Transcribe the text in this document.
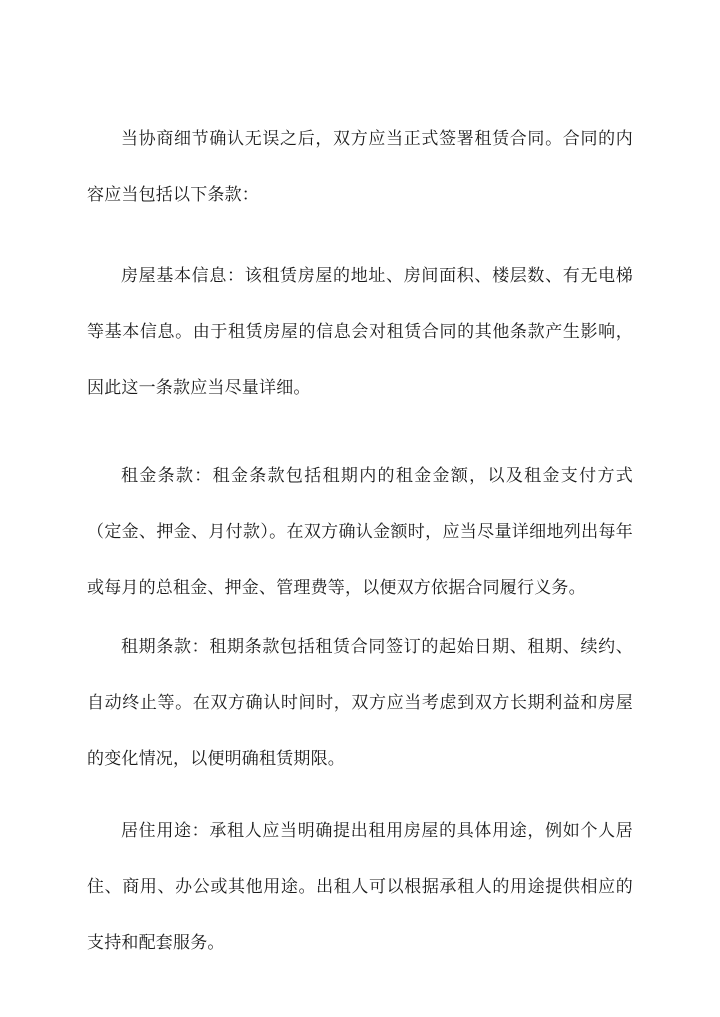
当协商细节确认无误之后，双方应当正式签署租赁合同。合同的内容应当包括以下条款：

房屋基本信息：该租赁房屋的地址、房间面积、楼层数、有无电梯等基本信息。由于租赁房屋的信息会对租赁合同的其他条款产生影响，因此这一条款应当尽量详细。

租金条款：租金条款包括租期内的租金金额，以及租金支付方式（定金、押金、月付款）。在双方确认金额时，应当尽量详细地列出每年或每月的总租金、押金、管理费等，以便双方依据合同履行义务。

租期条款：租期条款包括租赁合同签订的起始日期、租期、续约、自动终止等。在双方确认时间时，双方应当考虑到双方长期利益和房屋的变化情况，以便明确租赁期限。

居住用途：承租人应当明确提出租用房屋的具体用途，例如个人居住、商用、办公或其他用途。出租人可以根据承租人的用途提供相应的支持和配套服务。
